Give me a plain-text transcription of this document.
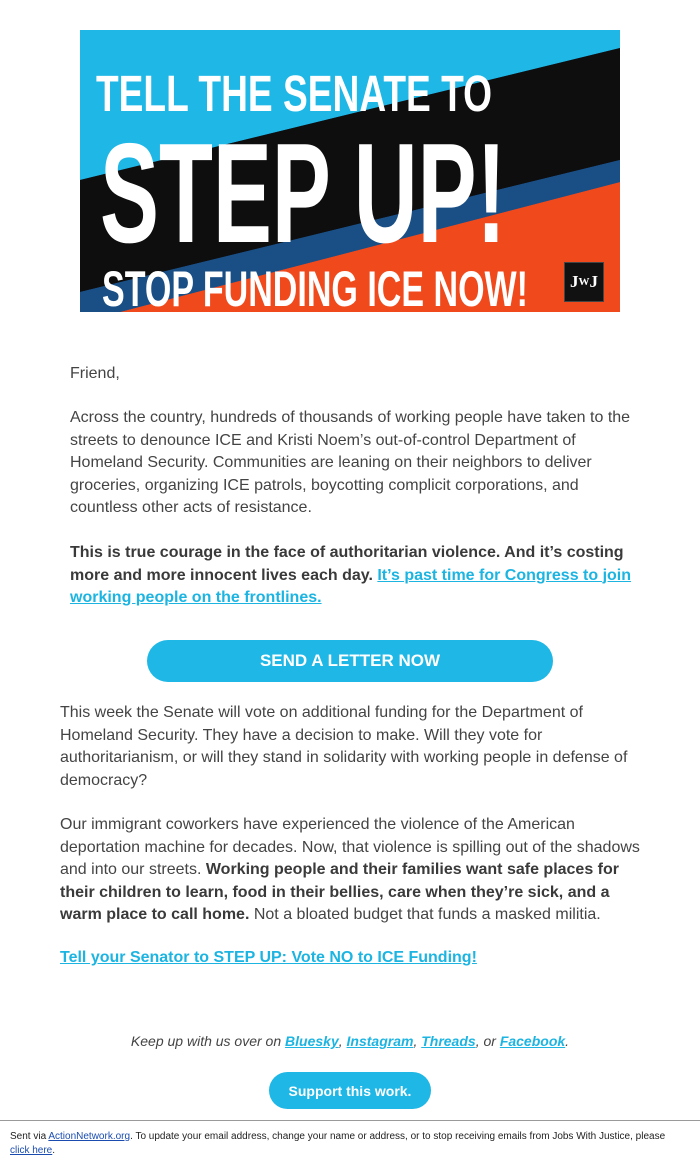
TELL THE SENATE TO
STEP UP!
STOP FUNDING ICE NOW! J W J

Friend,

Across the country, hundreds of thousands of working people have taken to the streets to denounce ICE and Kristi Noem’s out-of-control Department of Homeland Security. Communities are leaning on their neighbors to deliver groceries, organizing ICE patrols, boycotting complicit corporations, and countless other acts of resistance.

This is true courage in the face of authoritarian violence. And it’s costing more and more innocent lives each day. It’s past time for Congress to join working people on the frontlines.

SEND A LETTER NOW

This week the Senate will vote on additional funding for the Department of Homeland Security. They have a decision to make. Will they vote for authoritarianism, or will they stand in solidarity with working people in defense of democracy?

Our immigrant coworkers have experienced the violence of the American deportation machine for decades. Now, that violence is spilling out of the shadows and into our streets. Working people and their families want safe places for their children to learn, food in their bellies, care when they’re sick, and a warm place to call home. Not a bloated budget that funds a masked militia.

Tell your Senator to STEP UP: Vote NO to ICE Funding!

Keep up with us over on Bluesky, Instagram, Threads, or Facebook.
Support this work.
Sent via ActionNetwork.org. To update your email address, change your name or address, or to stop receiving emails from Jobs With Justice, please click here.
